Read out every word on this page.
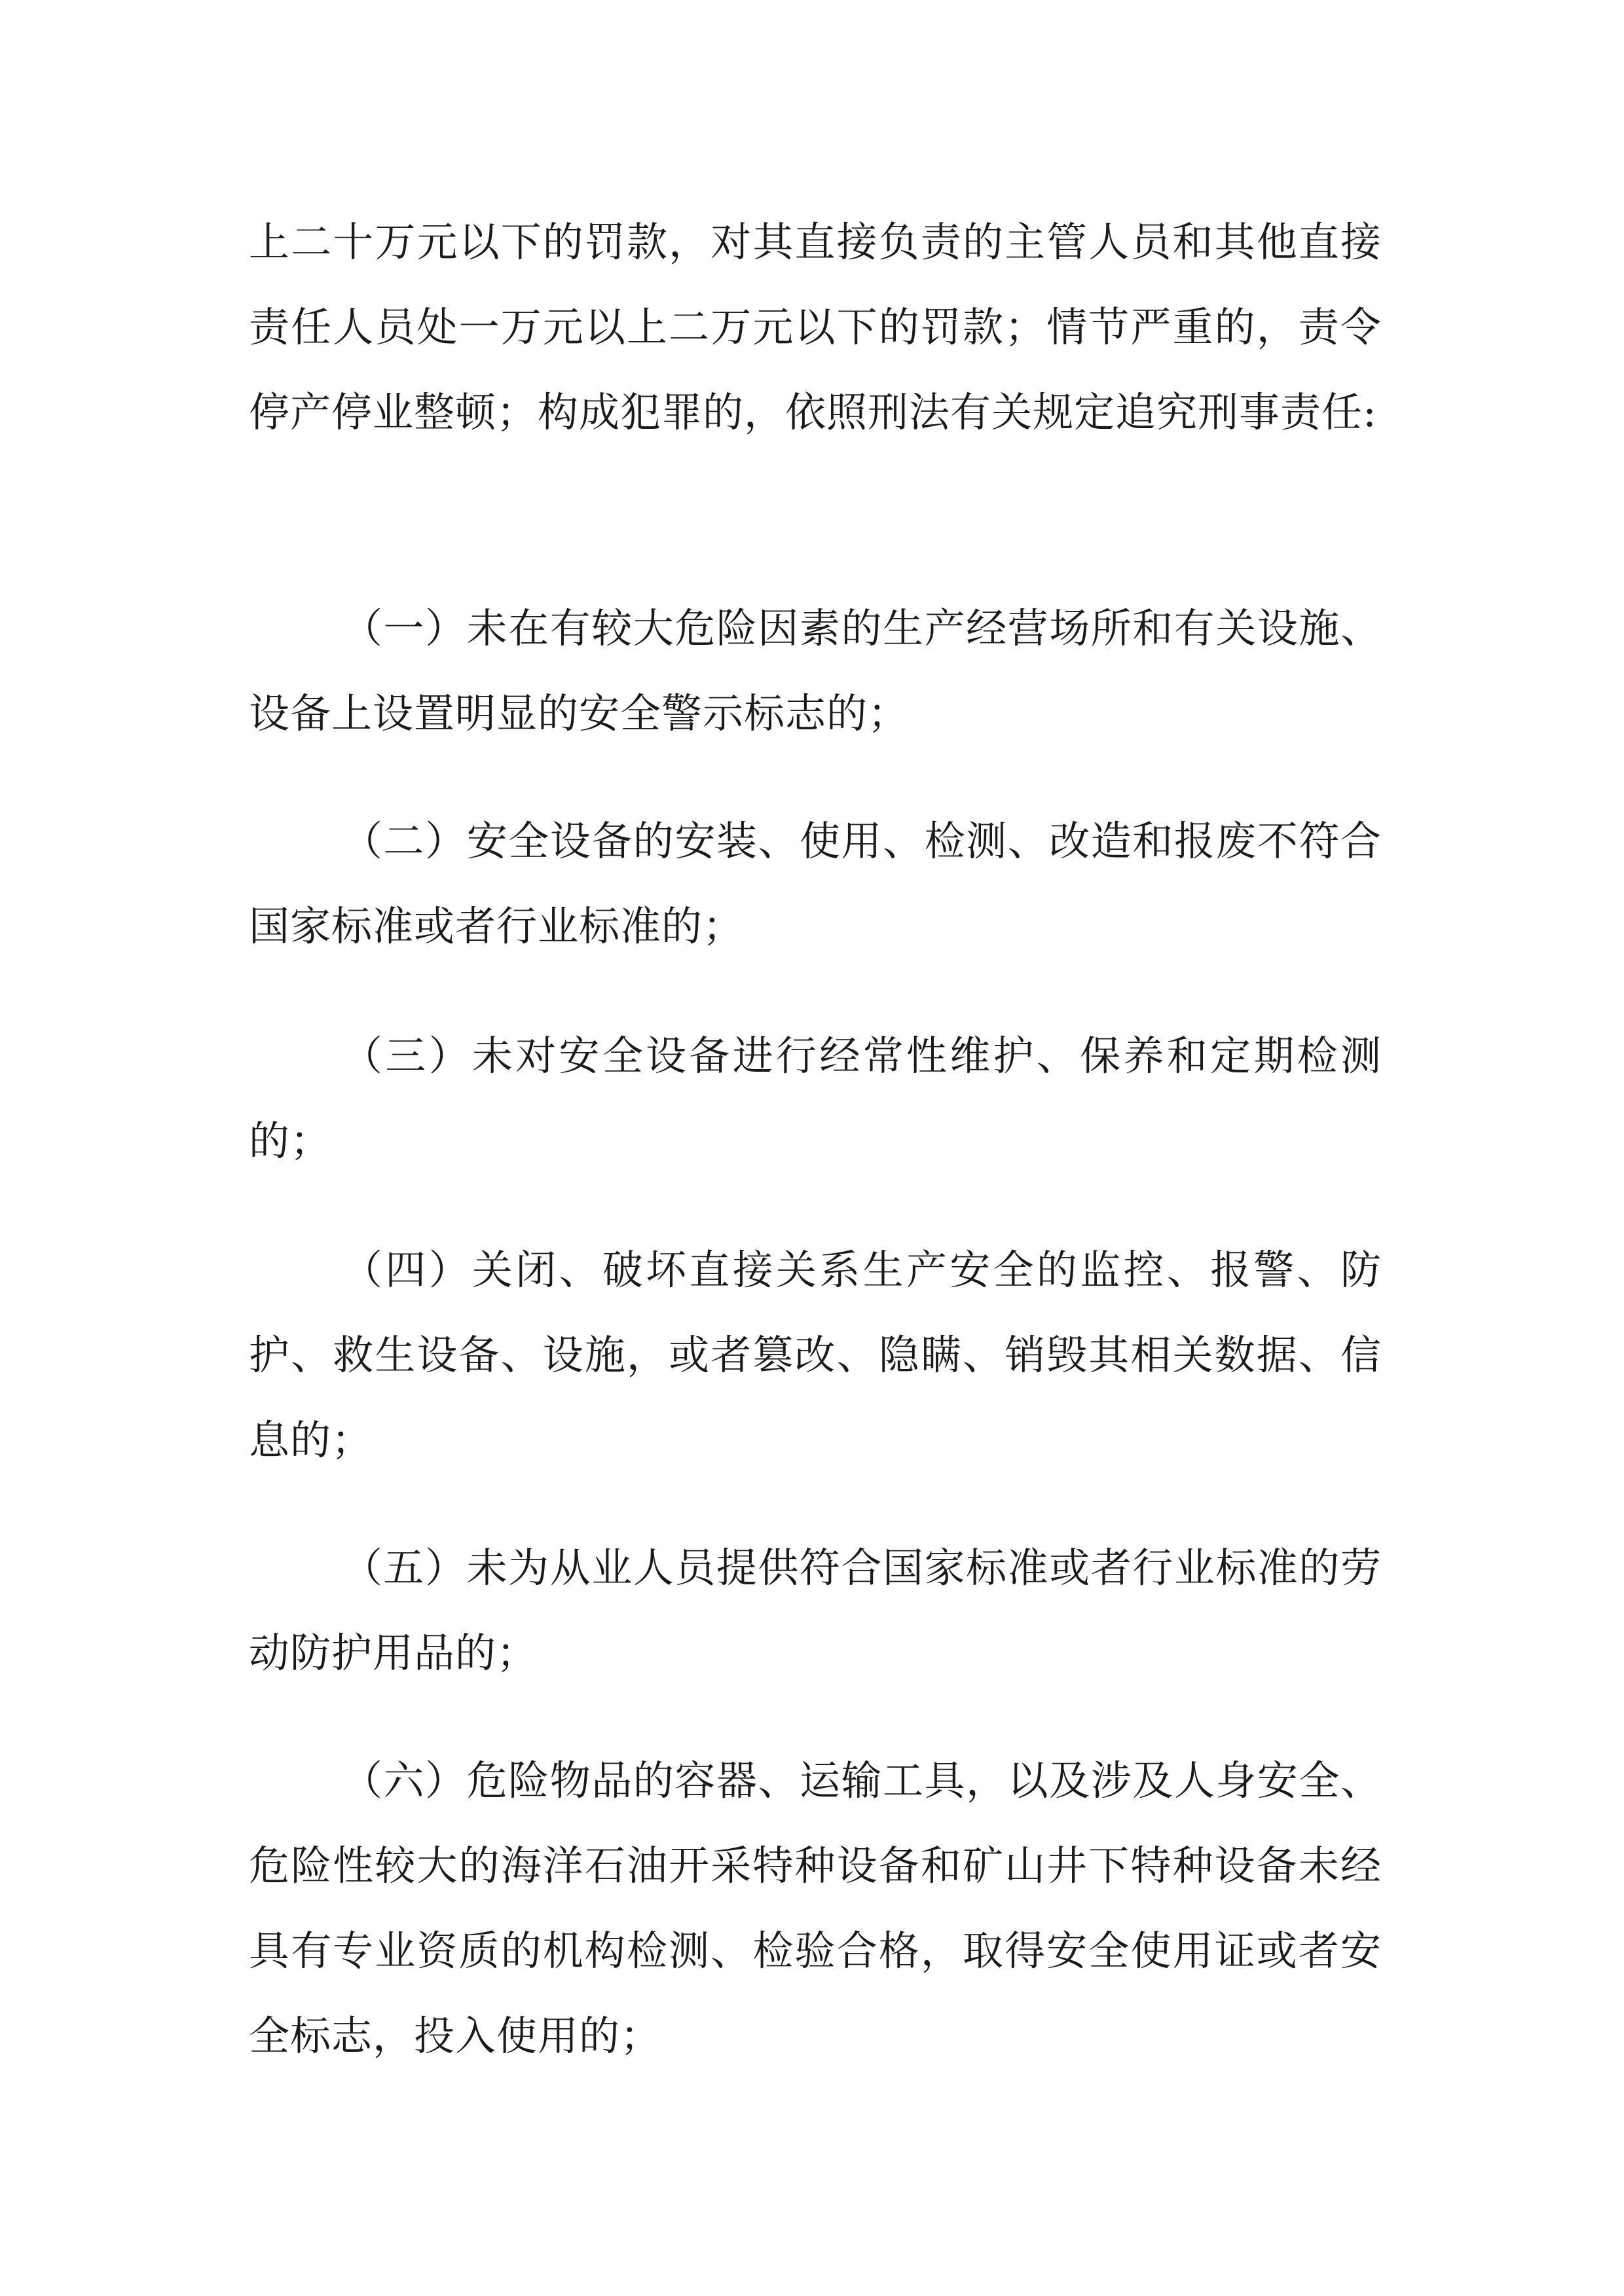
上二十万元以下的罚款，对其直接负责的主管人员和其他直接责任人员处一万元以上二万元以下的罚款；情节严重的，责令停产停业整顿；构成犯罪的，依照刑法有关规定追究刑事责任:

（一）未在有较大危险因素的生产经营场所和有关设施、设备上设置明显的安全警示标志的；

（二）安全设备的安装、使用、检测、改造和报废不符合国家标准或者行业标准的；

（三）未对安全设备进行经常性维护、保养和定期检测的；

（四）关闭、破坏直接关系生产安全的监控、报警、防护、救生设备、设施，或者篡改、隐瞒、销毁其相关数据、信息的；

（五）未为从业人员提供符合国家标准或者行业标准的劳动防护用品的；

（六）危险物品的容器、运输工具，以及涉及人身安全、危险性较大的海洋石油开采特种设备和矿山井下特种设备未经具有专业资质的机构检测、检验合格，取得安全使用证或者安全标志，投入使用的；
